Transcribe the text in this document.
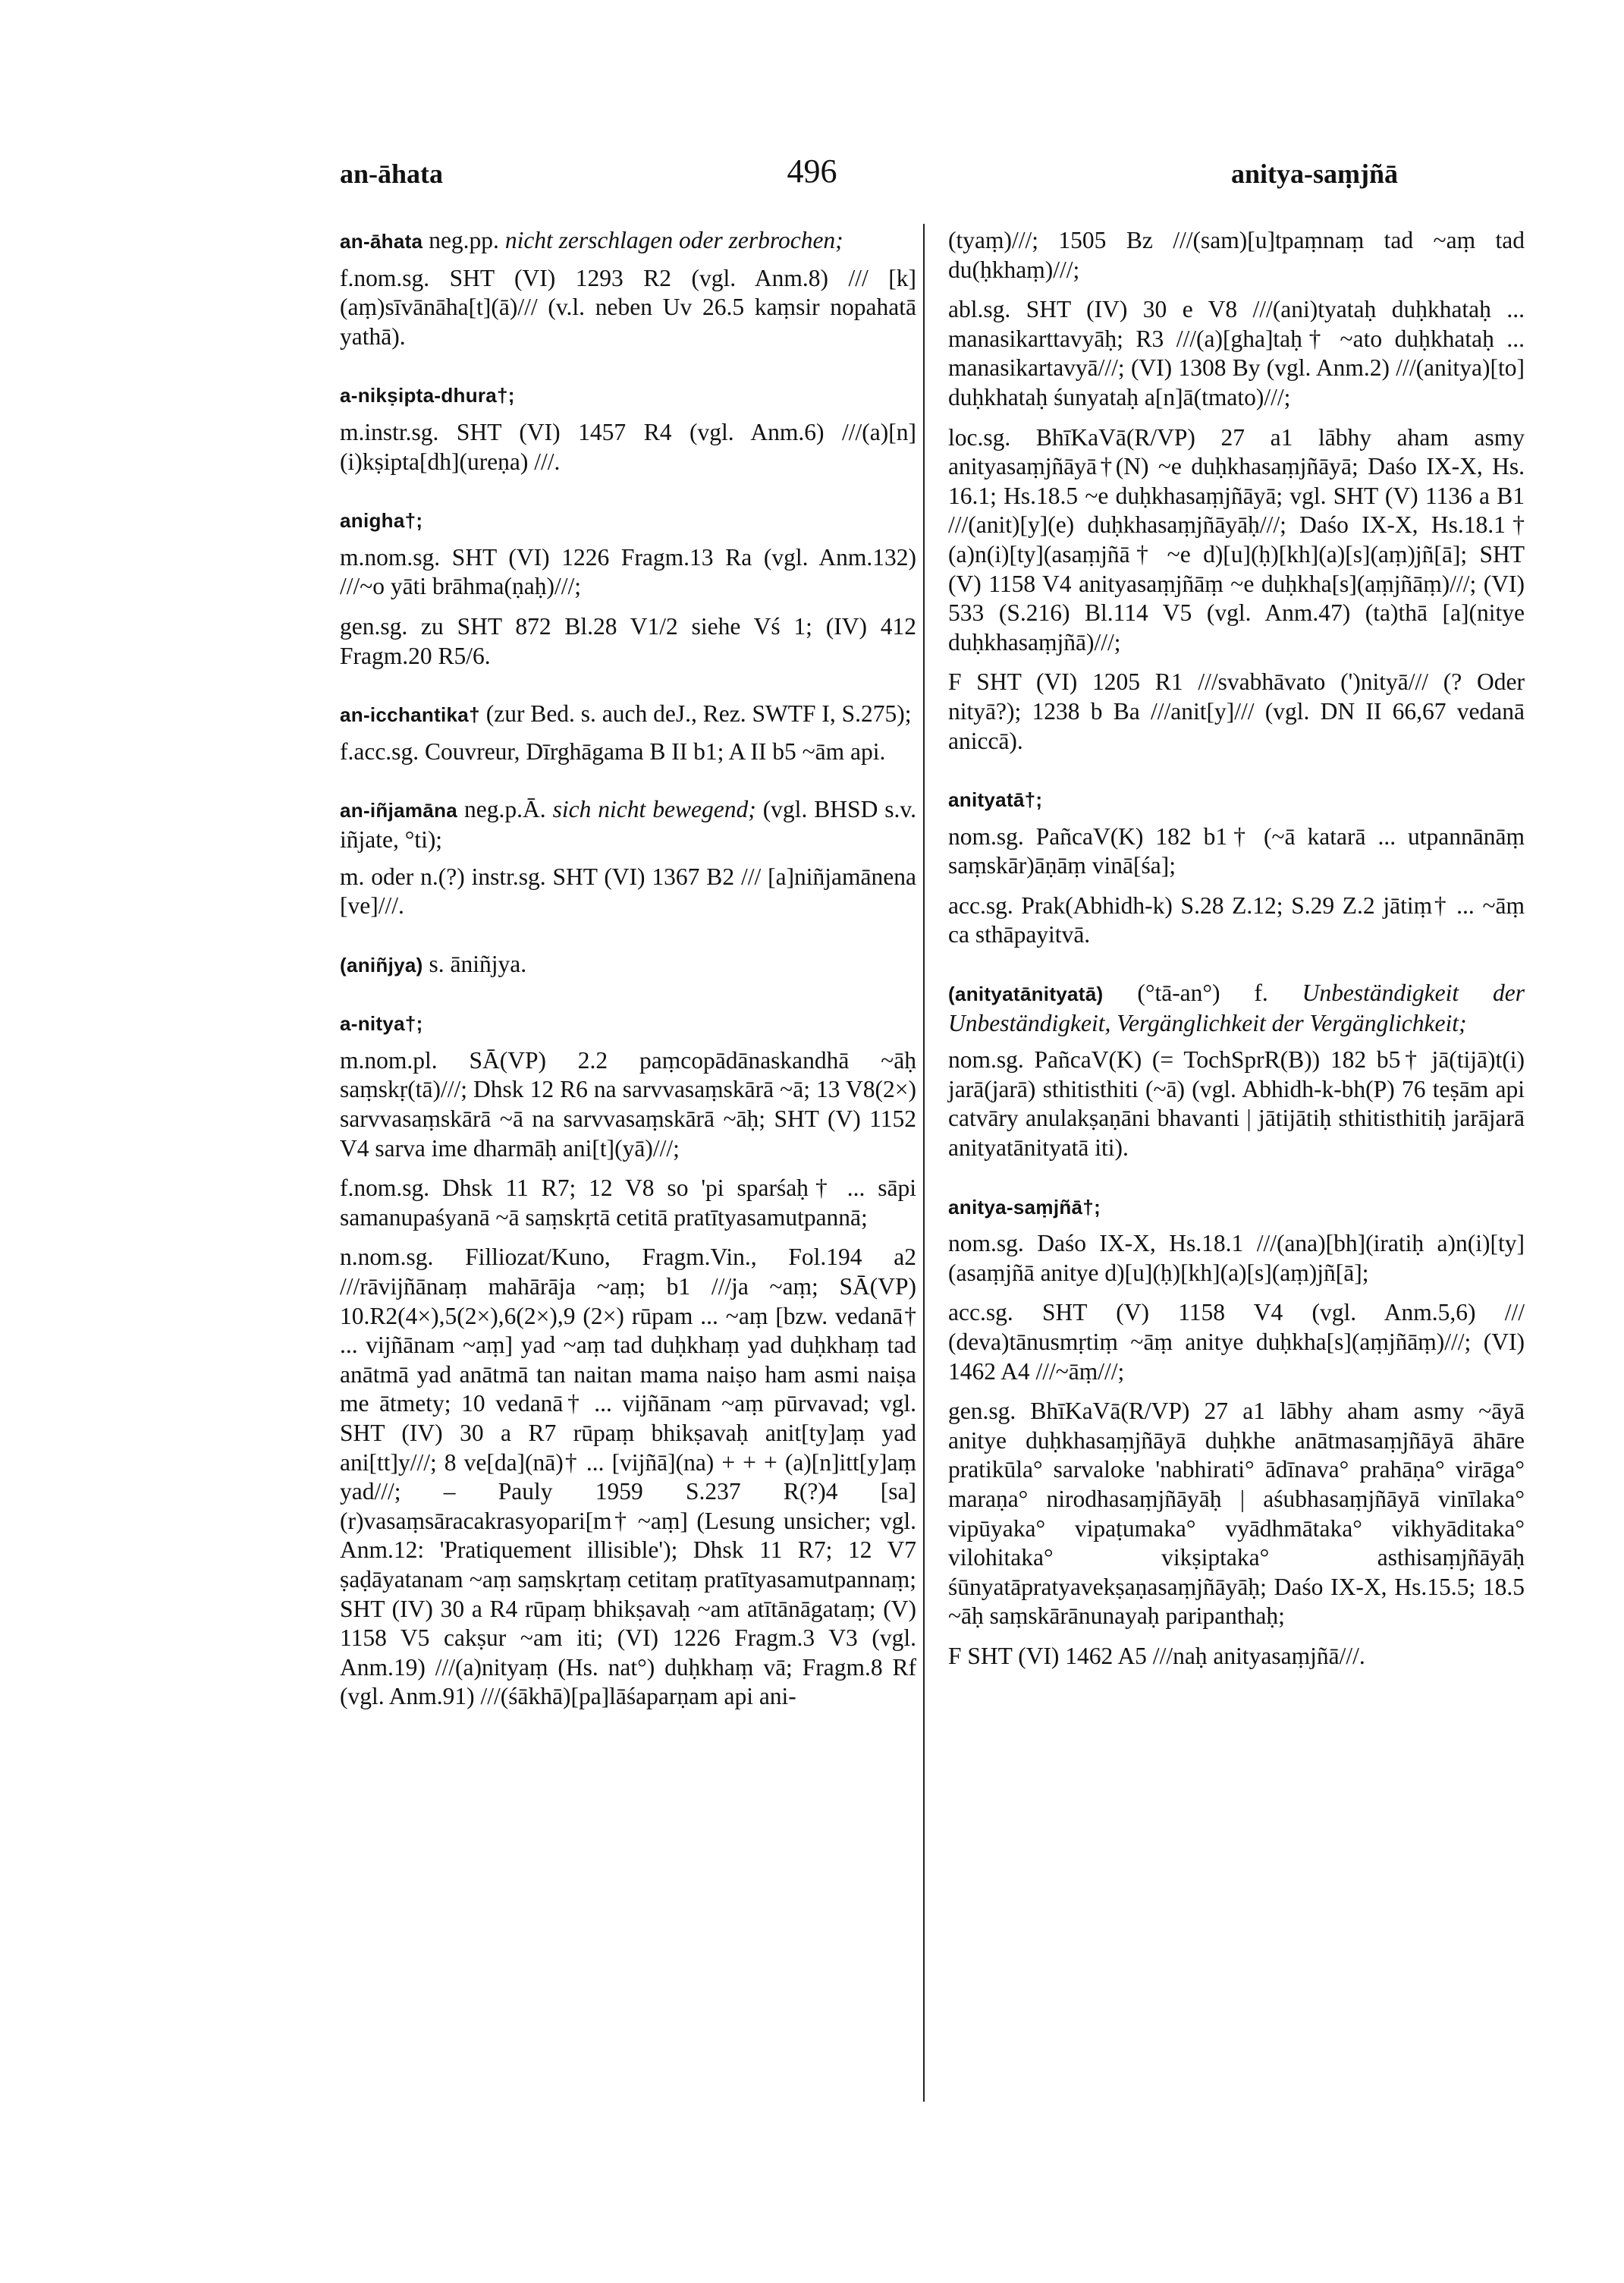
an-āhata	496	anitya-saṃjñā
an-āhata neg.pp. nicht zerschlagen oder zerbrochen;
f.nom.sg. SHT (VI) 1293 R2 (vgl. Anm.8) /// [k](aṃ)sīvānāha[t](ā)/// (v.l. neben Uv 26.5 kaṃsir nopahatā yathā).
a-nikṣipta-dhura†;
m.instr.sg. SHT (VI) 1457 R4 (vgl. Anm.6) ///(a)[n](i)kṣipta[dh](ureṇa) ///.
anigha†;
m.nom.sg. SHT (VI) 1226 Fragm.13 Ra (vgl. Anm.132) ///~o yāti brāhma(ṇaḥ)///;
gen.sg. zu SHT 872 Bl.28 V1/2 siehe Vś 1; (IV) 412 Fragm.20 R5/6.
an-icchantika† (zur Bed. s. auch deJ., Rez. SWTF I, S.275);
f.acc.sg. Couvreur, Dīrghāgama B II b1; A II b5 ~ām api.
an-iñjamāna neg.p.Ā. sich nicht bewegend; (vgl. BHSD s.v. iñjate, °ti);
m. oder n.(?) instr.sg. SHT (VI) 1367 B2 /// [a]niñjamānena [ve]///.
(aniñjya) s. āniñjya.
a-nitya†;
m.nom.pl. SĀ(VP) 2.2 paṃcopādānaskandhā ~āḥ saṃskṛ(tā)///; Dhsk 12 R6 na sarvvasaṃskārā ~ā; 13 V8(2×) sarvvasaṃskārā ~ā na sarvvasaṃskārā ~āḥ; SHT (V) 1152 V4 sarva ime dharmāḥ ani[t](yā)///;
f.nom.sg. Dhsk 11 R7; 12 V8 so 'pi sparśaḥ† ... sāpi samanupaśyanā ~ā saṃskṛtā cetitā pratītyasamutpannā;
n.nom.sg. Filliozat/Kuno, Fragm.Vin., Fol.194 a2 ///rāvijñānaṃ mahārāja ~aṃ; b1 ///ja ~aṃ; SĀ(VP) 10.R2(4×),5(2×),6(2×),9 (2×) rūpam ... ~aṃ [bzw. vedanā† ... vijñānam ~aṃ] yad ~aṃ tad duḥkhaṃ yad duḥkhaṃ tad anātmā yad anātmā tan naitan mama naiṣo ham asmi naiṣa me ātmety; 10 vedanā† ... vijñānam ~aṃ pūrvavad; vgl. SHT (IV) 30 a R7 rūpaṃ bhikṣavaḥ anit[ty]aṃ yad ani[tt]y///; 8 ve[da](nā)† ... [vijñā](na) + + + (a)[n]itt[y]aṃ yad///; – Pauly 1959 S.237 R(?)4 [sa](r)vasaṃsāracakrasyopari[m† ~aṃ] (Lesung unsicher; vgl. Anm.12: 'Pratiquement illisible'); Dhsk 11 R7; 12 V7 ṣaḍāyatanam ~aṃ saṃskṛtaṃ cetitaṃ pratītyasamutpannaṃ; SHT (IV) 30 a R4 rūpaṃ bhikṣavaḥ ~am atītānāgataṃ; (V) 1158 V5 cakṣur ~am iti; (VI) 1226 Fragm.3 V3 (vgl. Anm.19) ///(a)nityaṃ (Hs. nat°) duḥkhaṃ vā; Fragm.8 Rf (vgl. Anm.91) ///(śākhā)[pa]lāśaparṇam api ani-
(tyaṃ)///; 1505 Bz ///(sam)[u]tpaṃnaṃ tad ~aṃ tad du(ḥkhaṃ)///;
abl.sg. SHT (IV) 30 e V8 ///(ani)tyataḥ duḥkhataḥ ... manasikarttavyāḥ; R3 ///(a)[gha]taḥ† ~ato duḥkhataḥ ... manasikartavyā///; (VI) 1308 By (vgl. Anm.2) ///(anitya)[to] duḥkhataḥ śunyataḥ a[n]ā(tmato)///;
loc.sg. BhīKaVā(R/VP) 27 a1 lābhy aham asmy anityasaṃjñāyā†(N) ~e duḥkhasaṃjñāyā; Daśo IX-X, Hs. 16.1; Hs.18.5 ~e duḥkhasaṃjñāyā; vgl. SHT (V) 1136 a B1 ///(anit)[y](e) duḥkhasaṃjñāyāḥ///; Daśo IX-X, Hs.18.1† (a)n(i)[ty](asaṃjñā† ~e d)[u](ḥ)[kh](a)[s](aṃ)jñ[ā]; SHT (V) 1158 V4 anityasaṃjñāṃ ~e duḥkha[s](aṃjñāṃ)///; (VI) 533 (S.216) Bl.114 V5 (vgl. Anm.47) (ta)thā [a](nitye duḥkhasaṃjñā)///;
F SHT (VI) 1205 R1 ///svabhāvato (')nityā/// (? Oder nityā?); 1238 b Ba ///anit[y]/// (vgl. DN II 66,67 vedanā aniccā).
anityatā†;
nom.sg. PañcaV(K) 182 b1† (~ā katarā ... utpannānāṃ saṃskār)āṇāṃ vinā[śa];
acc.sg. Prak(Abhidh-k) S.28 Z.12; S.29 Z.2 jātiṃ† ... ~āṃ ca sthāpayitvā.
(anityatānityatā) (°tā-an°) f. Unbeständigkeit der Unbeständigkeit, Vergänglichkeit der Vergänglichkeit;
nom.sg. PañcaV(K) (= TochSprR(B)) 182 b5† jā(tijā)t(i) jarā(jarā) sthitisthiti (~ā) (vgl. Abhidh-k-bh(P) 76 teṣām api catvāry anulakṣaṇāni bhavanti | jātijātiḥ sthitisthitiḥ jarājarā anityatānityatā iti).
anitya-saṃjñā†;
nom.sg. Daśo IX-X, Hs.18.1 ///(ana)[bh](iratiḥ a)n(i)[ty](asaṃjñā anitye d)[u](ḥ)[kh](a)[s](aṃ)jñ[ā];
acc.sg. SHT (V) 1158 V4 (vgl. Anm.5,6) /// (deva)tānusmṛtiṃ ~āṃ anitye duḥkha[s](aṃjñāṃ)///; (VI) 1462 A4 ///~āṃ///;
gen.sg. BhīKaVā(R/VP) 27 a1 lābhy aham asmy ~āyā anitye duḥkhasaṃjñāyā duḥkhe anātmasaṃjñāyā āhāre pratikūla° sarvaloke 'nabhirati° ādīnava° prahāṇa° virāga° maraṇa° nirodhasaṃjñāyāḥ | aśubhasaṃjñāyā vinīlaka° vipūyaka° vipaṭumaka° vyādhmātaka° vikhyāditaka° vilohitaka° vikṣiptaka° asthisaṃjñāyāḥ śūnyatāpratyavekṣaṇasaṃjñāyāḥ; Daśo IX-X, Hs.15.5; 18.5 ~āḥ saṃskārānunayaḥ paripanthaḥ;
F SHT (VI) 1462 A5 ///naḥ anityasaṃjñā///.
